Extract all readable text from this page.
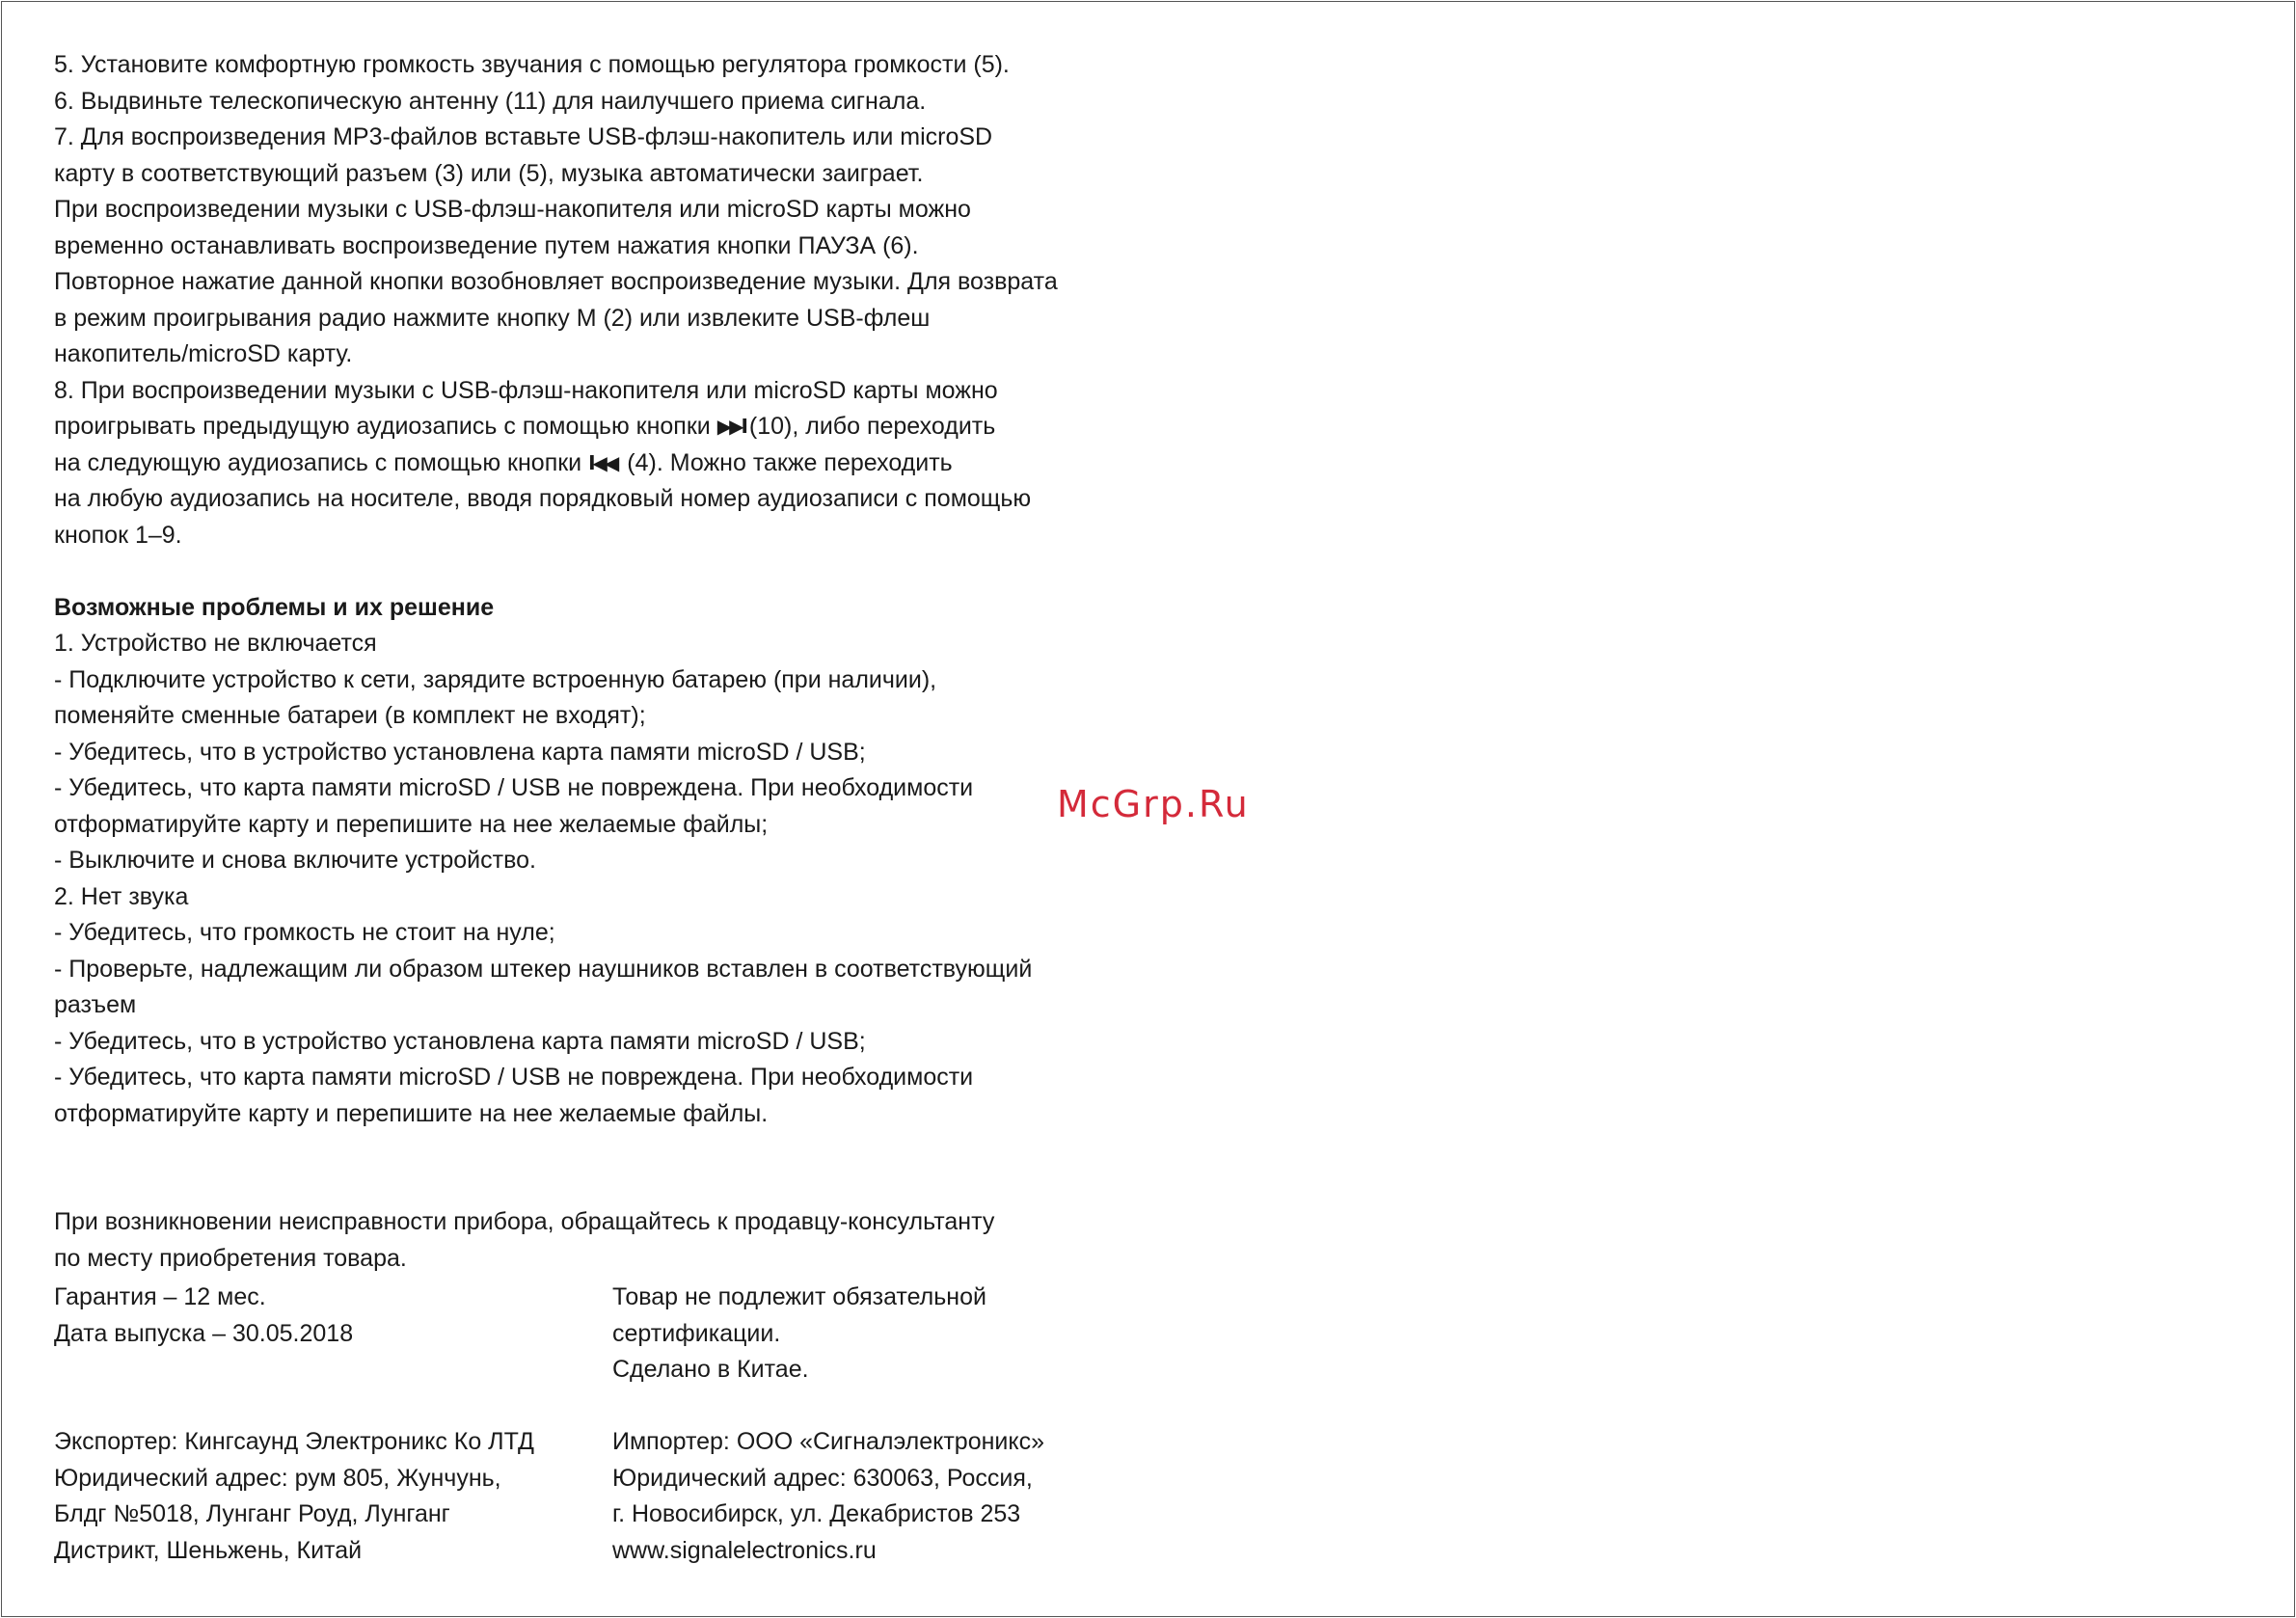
5. Установите комфортную громкость звучания с помощью регулятора громкости (5).
6. Выдвиньте телескопическую антенну (11) для наилучшего приема сигнала.
7. Для воспроизведения MP3-файлов вставьте USB-флэш-накопитель или microSD
карту в соответствующий разъем (3) или (5), музыка автоматически заиграет.
При воспроизведении музыки с USB-флэш-накопителя или microSD карты можно
временно останавливать воспроизведение путем нажатия кнопки ПАУЗА (6).
Повторное нажатие данной кнопки возобновляет воспроизведение музыки. Для возврата
в режим проигрывания радио нажмите кнопку M (2) или извлеките USB-флеш
накопитель/microSD карту.
8. При воспроизведении музыки с USB-флэш-накопителя или microSD карты можно
проигрывать предыдущую аудиозапись с помощью кнопки ▶▶I (10), либо переходить
на следующую аудиозапись с помощью кнопки I◀◀ (4). Можно также переходить
на любую аудиозапись на носителе, вводя порядковый номер аудиозаписи с помощью
кнопок 1–9.
Возможные проблемы и их решение
1. Устройство не включается
- Подключите устройство к сети, зарядите встроенную батарею (при наличии),
поменяйте сменные батареи (в комплект не входят);
- Убедитесь, что в устройство установлена карта памяти microSD / USB;
- Убедитесь, что карта памяти microSD / USB не повреждена. При необходимости
отформатируйте карту и перепишите на нее желаемые файлы;
- Выключите и снова включите устройство.
2. Нет звука
- Убедитесь, что громкость не стоит на нуле;
- Проверьте, надлежащим ли образом штекер наушников вставлен в соответствующий
разъем
- Убедитесь, что в устройство установлена карта памяти microSD / USB;
- Убедитесь, что карта памяти microSD / USB не повреждена. При необходимости
отформатируйте карту и перепишите на нее желаемые файлы.
При возникновении неисправности прибора, обращайтесь к продавцу-консультанту
по месту приобретения товара.
Гарантия – 12 мес.
Дата выпуска – 30.05.2018
Товар не подлежит обязательной
сертификации.
Сделано в Китае.
Экспортер: Кингсаунд Электроникс Ко ЛТД
Юридический адрес: рум 805, Жунчунь,
Блдг №5018, Лунганг Роуд, Лунганг
Дистрикт, Шеньжень, Китай
Импортер: ООО «Сигналэлектроникс»
Юридический адрес: 630063, Россия,
г. Новосибирск, ул. Декабристов 253
www.signalelectronics.ru
McGrp.Ru
